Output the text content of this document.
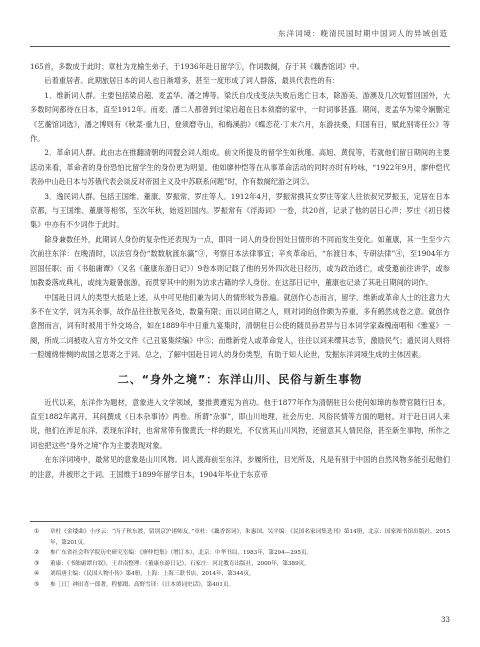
东洋词境：晚清民国时期中国词人的异域创造

165首，多数成于此时；章杜为龙榆生弟子，于1936年赴日留学①，作词数阕，存于其《藕香馆词》中。

后着重居者。此期旅居日本的词人也日渐增多，甚至一度形成了词人群落，最具代表性的有：

1．维新词人群。主要包括梁启超、麦孟华、潘之博等。梁氏自戊戌变法失败后逃亡日本，除游美、游澳及几次短暂回国外，大多数时间都待在日本，直至1912年。而麦、潘二人都曾到过梁启超在日本须磨的家中，一时词事甚盛。期间，麦孟华为梁令娴删定《艺蘅馆词选》，潘之博则有《秋菜·重九日，登须磨寺山，和梅溪韵》《蝶恋花·丁未六月，东游扶桑，归国有日，赋此别寄任公》等作。

2．革命词人群。此由志在推翻清朝的同盟会词人组成。前文所提及的留学生如秋瑾、高旭、黄侃等，若就他们留日期间的主要活动来看，革命者的身份恐怕比留学生的身份更为明显。他如廖仲恺等在从事革命活动的同时亦时有吟咏，“1922年9月，廖仲恺代表孙中山赴日本与苏俄代表会谈反对帝国主义及中苏联系问题”时，作有数阕纪游之词②。

3．逸民词人群。包括王国维、董康、罗振常、罗庄等人。1912年4月，罗振常携其女罗庄等家人往依叔兄罗振玉，定居在日本京都，与王国维、董康等相邻，至次年秋，始返回国内。罗振常有《浮海词》一卷，共20首，记录了他的居日心声；罗庄《初日楼集》中亦有不少词作于此时。

除身兼数任外，此期词人身份的复杂性还表现为一点，即同一词人的身份因处日情形的不同而发生变化。如董康，其一生至少六次前往东洋：在晚清时，以法官身份“数数航渡东瀛”③，考察日本法律事宜；辛亥革命后，“东渡日本，专研法律”④，至1904年方回国任职；而《书舶庸谭》（又名《董康东游日记》）9卷本则记载了他的另外四次赴日经历，或为政治逃亡，或受邀前往讲学，或参加教委落成典礼，或纯为避暑旅游，而贯穿其中的则为访求古籍的学人身份。在这部日记中，董康也记录了其赴日期间的词作。

中国赴日词人的类型大抵是上述，从中可见他们兼为词人的情形较为普遍。就创作心态而言，留学、维新或革命人士的注意力大多不在文学，词为其余事，故作品往往散见各处，数量有限；而以词自期之人，则对词的创作颇为养重，多有鹤然成卷之意。就创作意图而言，词有时被用于外交场合，如在1889年中日重九宴集时，清朝驻日公使的随员孙君异与日本词学家森槐南唱和《雅宴》一阕，所成二词被收入官方外交文件《己丑宴集续编》中⑤；而维新党人或革命党人，往往以词来缨其志节，激励民气；遗民词人则将一腔缠绵悱恻的故国之思寄之于词。总之，了解中国赴日词人的身份类型，有助于知人论世，发掘东洋词境生成的主体因素。

二、“身外之境”：东洋山川、民俗与新生事物

近代以来，东洋作为题材，意象进入文学领域，要推黄遵宪为首功。他于1877年作为清朝驻日公使何如璋的参赞官随行日本，直至1882年离开，其间撰成《日本杂事诗》两卷。所谓“杂事”，即山川地理、社会历史、风俗民情等方面的题材。对于赴日词人来说，他们在涉足东洋、表现东洋时，也常常带有像黄氏一样的眼光，不仅赏其山川风物，还留意其人情民俗，甚至新生事物，所作之词也把这些“身外之境”作为主要表现对象。

在东洋词境中，最常见的意象是山川风物。词人渡海前至东洋，步履所往，目光所及，凡是有别于中国的自然风物多能引起他们的注意，并被形之于词。王国维于1899年留学日本，1904年毕业于东京帝

① 章杜《金缕曲》小序云：“丙子秋东渡，留别京沪诸师友。”章杜：《藕香馆词》，朱惠国、吴平编：《民国名家词集选刊》第14册，北京：国家图书馆出版社，2015年，第201页。

② 参广东省社会科学院历史研究室编：《廖仲恺集》（增订本），北京：中华书局，1983年，第294—295页。

③ 董康：《书舶庸谭自叙》，王君南整理：《董康东游日记》，石家庄：河北教育出版社，2000年，第389页。

④ 刘绍唐主编：《民国人物小传》第4册，上海：上海三联书店，2014年，第344页。

⑤ 参［日］神田喜一郎著，程郁缀、高野雪译：《日本填词史话》，第401页。

33
